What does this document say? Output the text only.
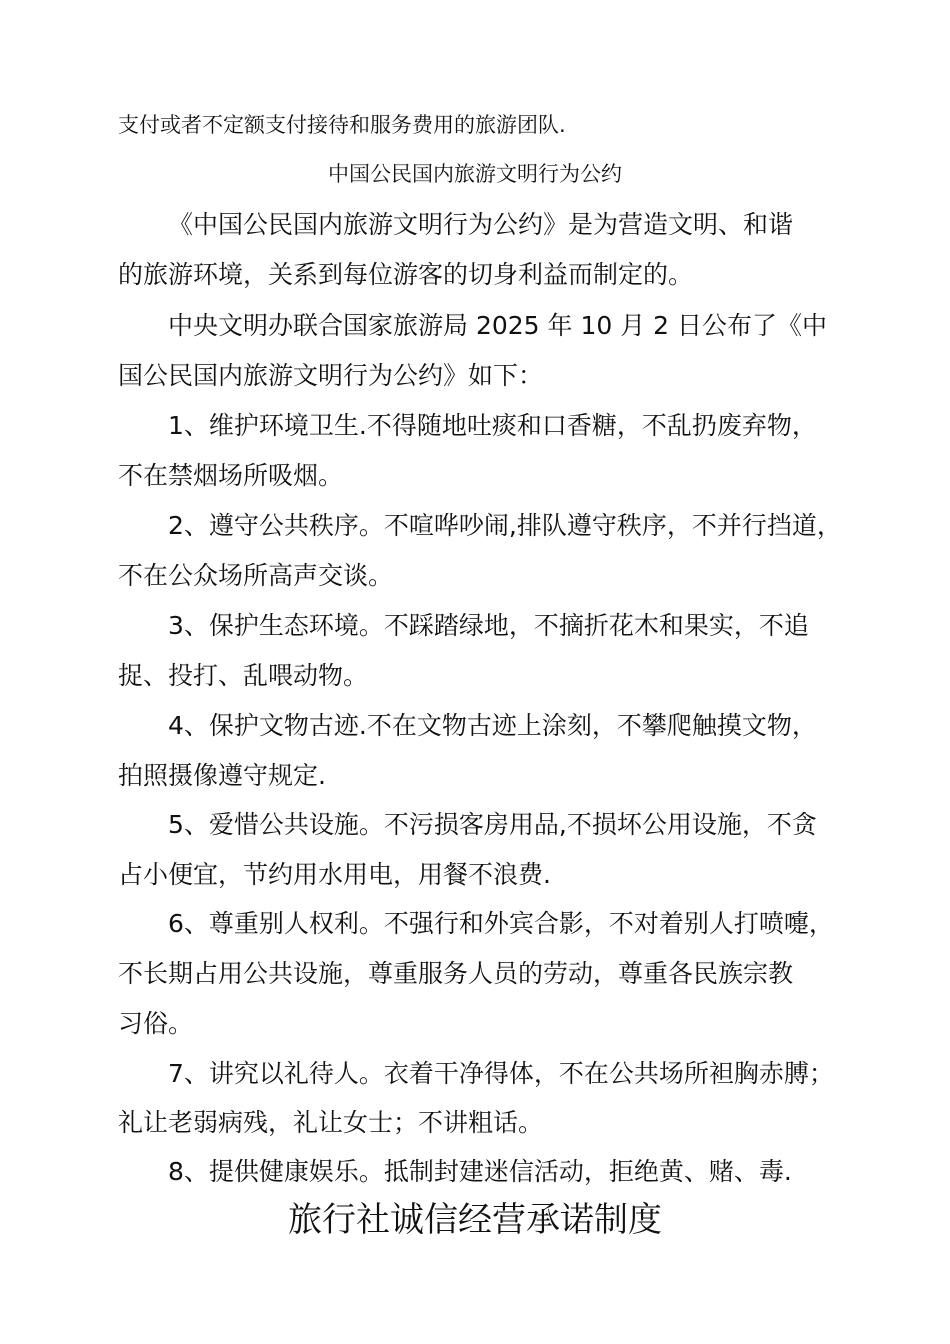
支付或者不定额支付接待和服务费用的旅游团队.
中国公民国内旅游文明行为公约
《中国公民国内旅游文明行为公约》是为营造文明、和谐
的旅游环境，关系到每位游客的切身利益而制定的。
中央文明办联合国家旅游局 2025 年 10 月 2 日公布了《中
国公民国内旅游文明行为公约》如下：
1、维护环境卫生.不得随地吐痰和口香糖，不乱扔废弃物，
不在禁烟场所吸烟。
2、遵守公共秩序。不喧哗吵闹,排队遵守秩序，不并行挡道，
不在公众场所高声交谈。
3、保护生态环境。不踩踏绿地，不摘折花木和果实，不追
捉、投打、乱喂动物。
4、保护文物古迹.不在文物古迹上涂刻，不攀爬触摸文物，
拍照摄像遵守规定.
5、爱惜公共设施。不污损客房用品,不损坏公用设施，不贪
占小便宜，节约用水用电，用餐不浪费.
6、尊重别人权利。不强行和外宾合影，不对着别人打喷嚏，
不长期占用公共设施，尊重服务人员的劳动，尊重各民族宗教
习俗。
7、讲究以礼待人。衣着干净得体，不在公共场所袒胸赤膊；
礼让老弱病残，礼让女士；不讲粗话。
8、提供健康娱乐。抵制封建迷信活动，拒绝黄、赌、毒.
旅行社诚信经营承诺制度
